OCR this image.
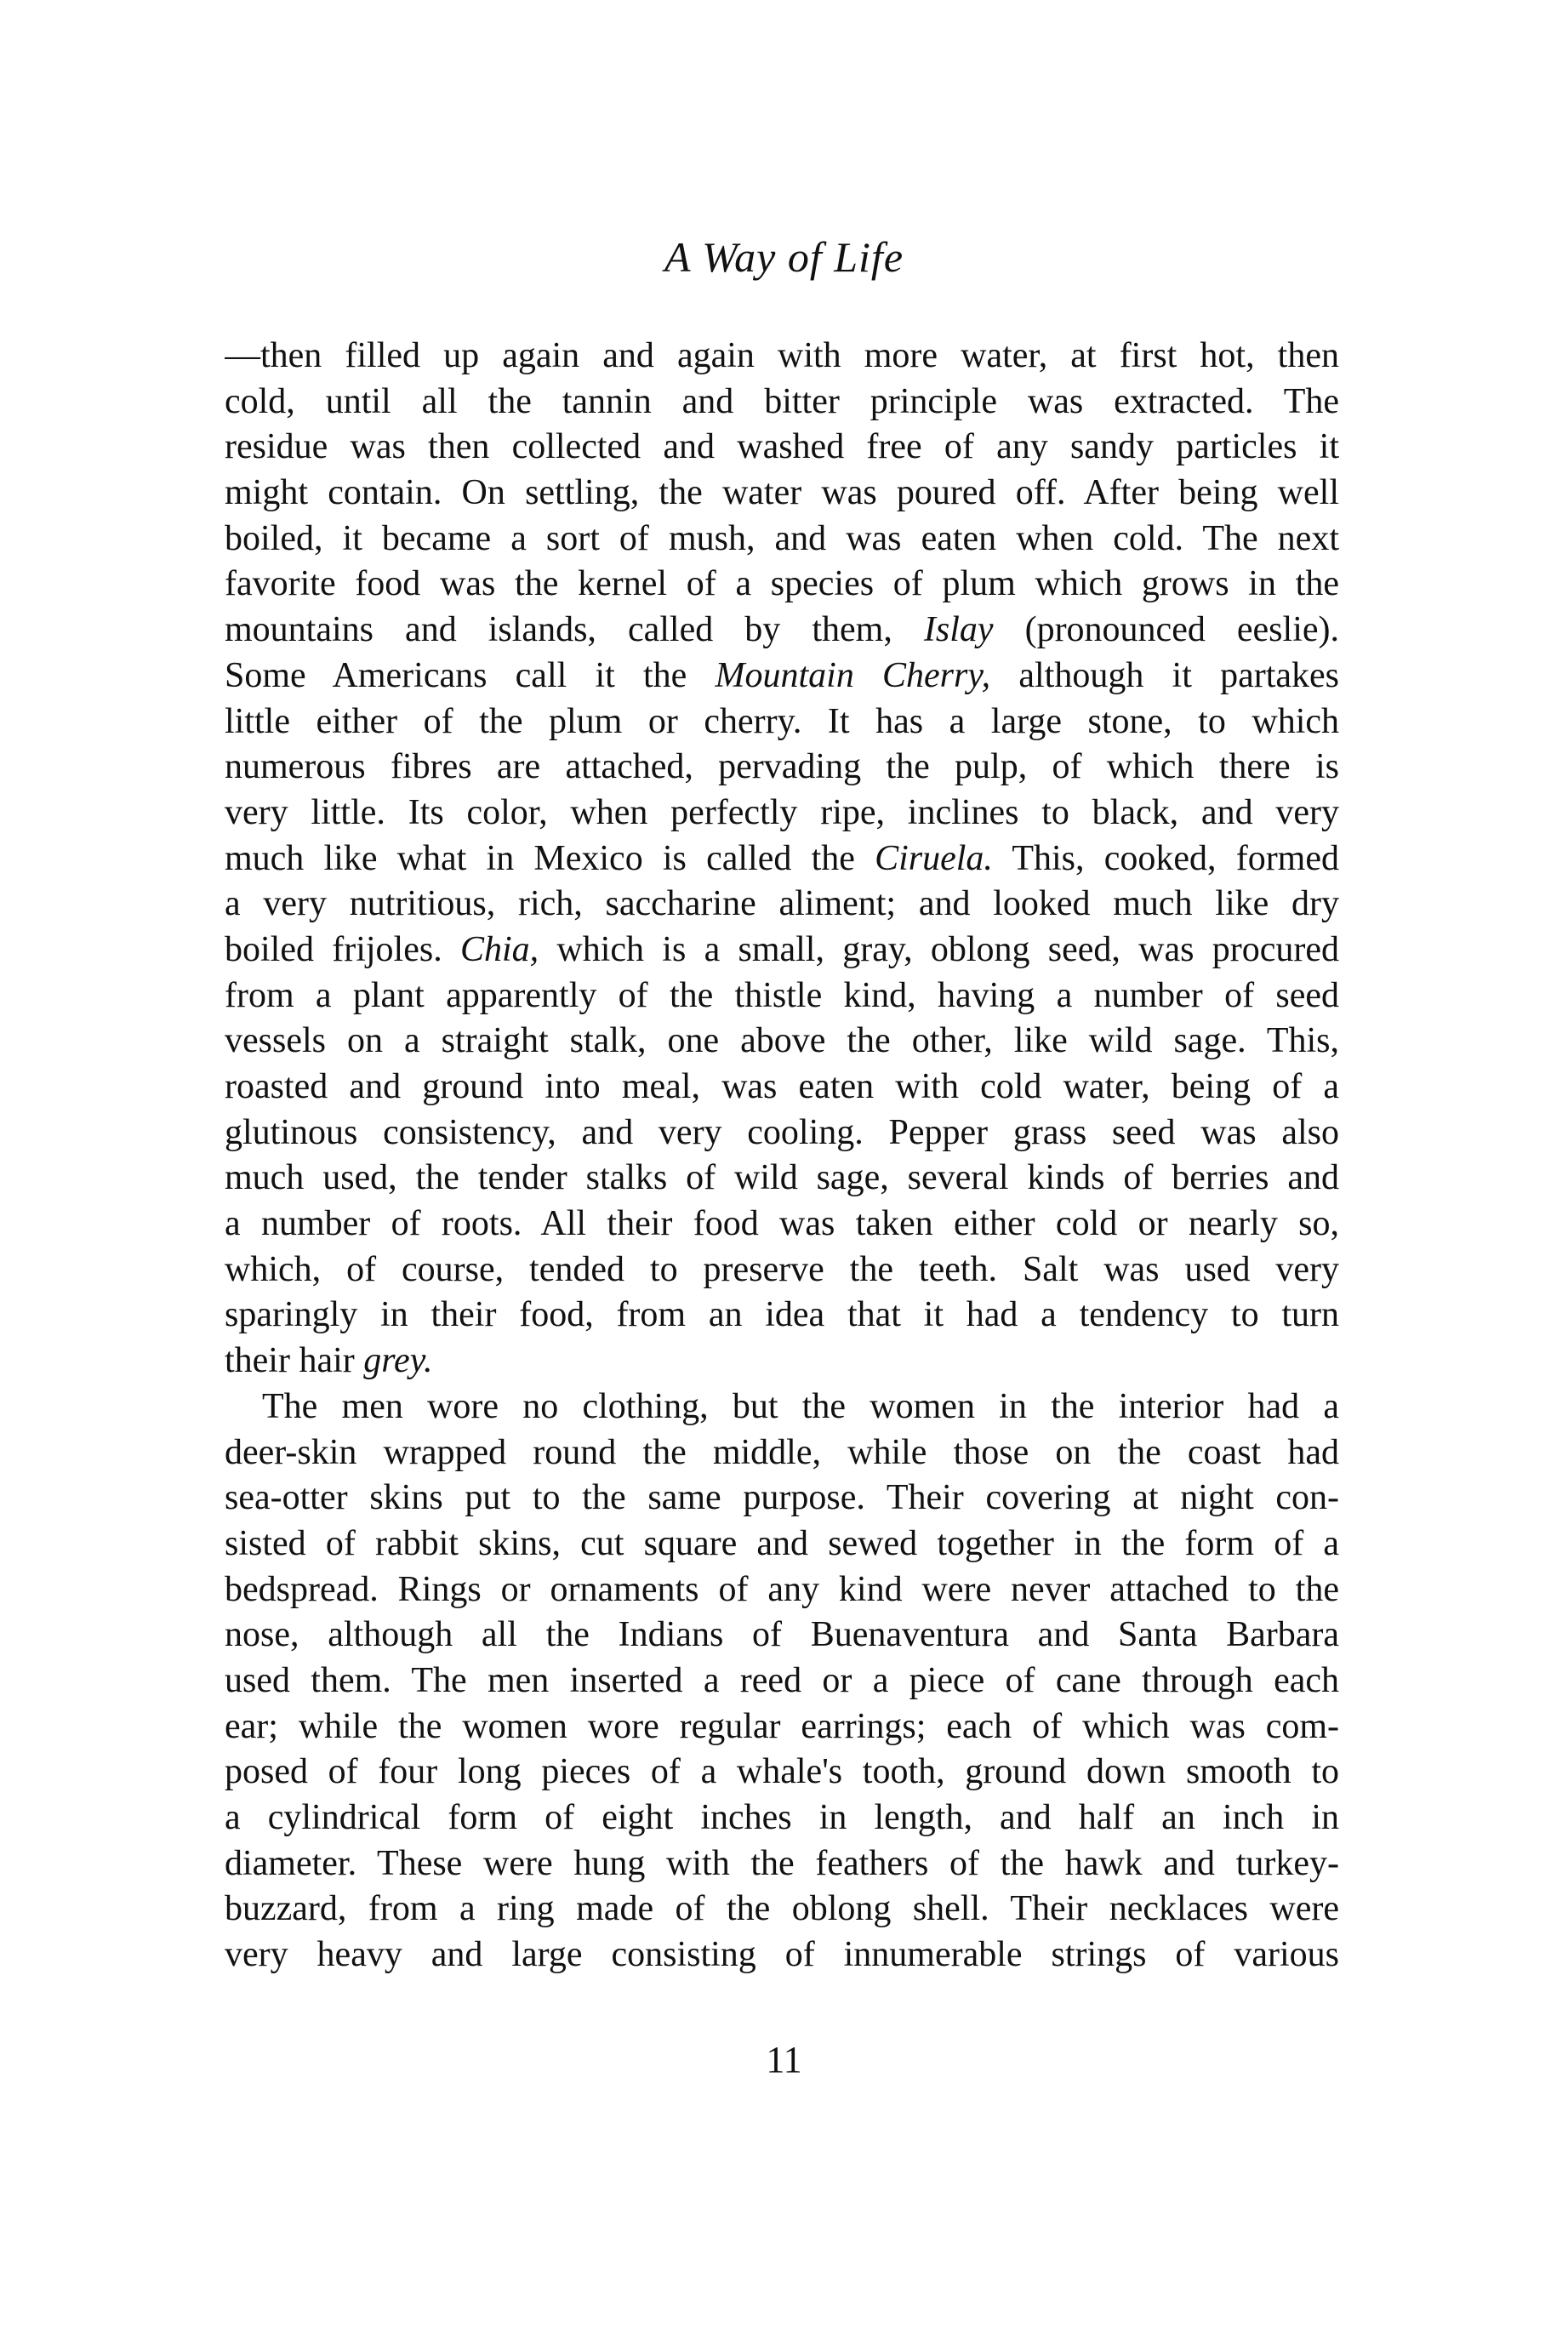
A Way of Life
—then filled up again and again with more water, at first hot, then
cold, until all the tannin and bitter principle was extracted. The
residue was then collected and washed free of any sandy particles it
might contain. On settling, the water was poured off. After being well
boiled, it became a sort of mush, and was eaten when cold. The next
favorite food was the kernel of a species of plum which grows in the
mountains and islands, called by them, Islay (pronounced eeslie).
Some Americans call it the Mountain Cherry, although it partakes
little either of the plum or cherry. It has a large stone, to which
numerous fibres are attached, pervading the pulp, of which there is
very little. Its color, when perfectly ripe, inclines to black, and very
much like what in Mexico is called the Ciruela. This, cooked, formed
a very nutritious, rich, saccharine aliment; and looked much like dry
boiled frijoles. Chia, which is a small, gray, oblong seed, was procured
from a plant apparently of the thistle kind, having a number of seed
vessels on a straight stalk, one above the other, like wild sage. This,
roasted and ground into meal, was eaten with cold water, being of a
glutinous consistency, and very cooling. Pepper grass seed was also
much used, the tender stalks of wild sage, several kinds of berries and
a number of roots. All their food was taken either cold or nearly so,
which, of course, tended to preserve the teeth. Salt was used very
sparingly in their food, from an idea that it had a tendency to turn
their hair grey.
The men wore no clothing, but the women in the interior had a
deer-skin wrapped round the middle, while those on the coast had
sea-otter skins put to the same purpose. Their covering at night con-
sisted of rabbit skins, cut square and sewed together in the form of a
bedspread. Rings or ornaments of any kind were never attached to the
nose, although all the Indians of Buenaventura and Santa Barbara
used them. The men inserted a reed or a piece of cane through each
ear; while the women wore regular earrings; each of which was com-
posed of four long pieces of a whale's tooth, ground down smooth to
a cylindrical form of eight inches in length, and half an inch in
diameter. These were hung with the feathers of the hawk and turkey-
buzzard, from a ring made of the oblong shell. Their necklaces were
very heavy and large consisting of innumerable strings of various
11
